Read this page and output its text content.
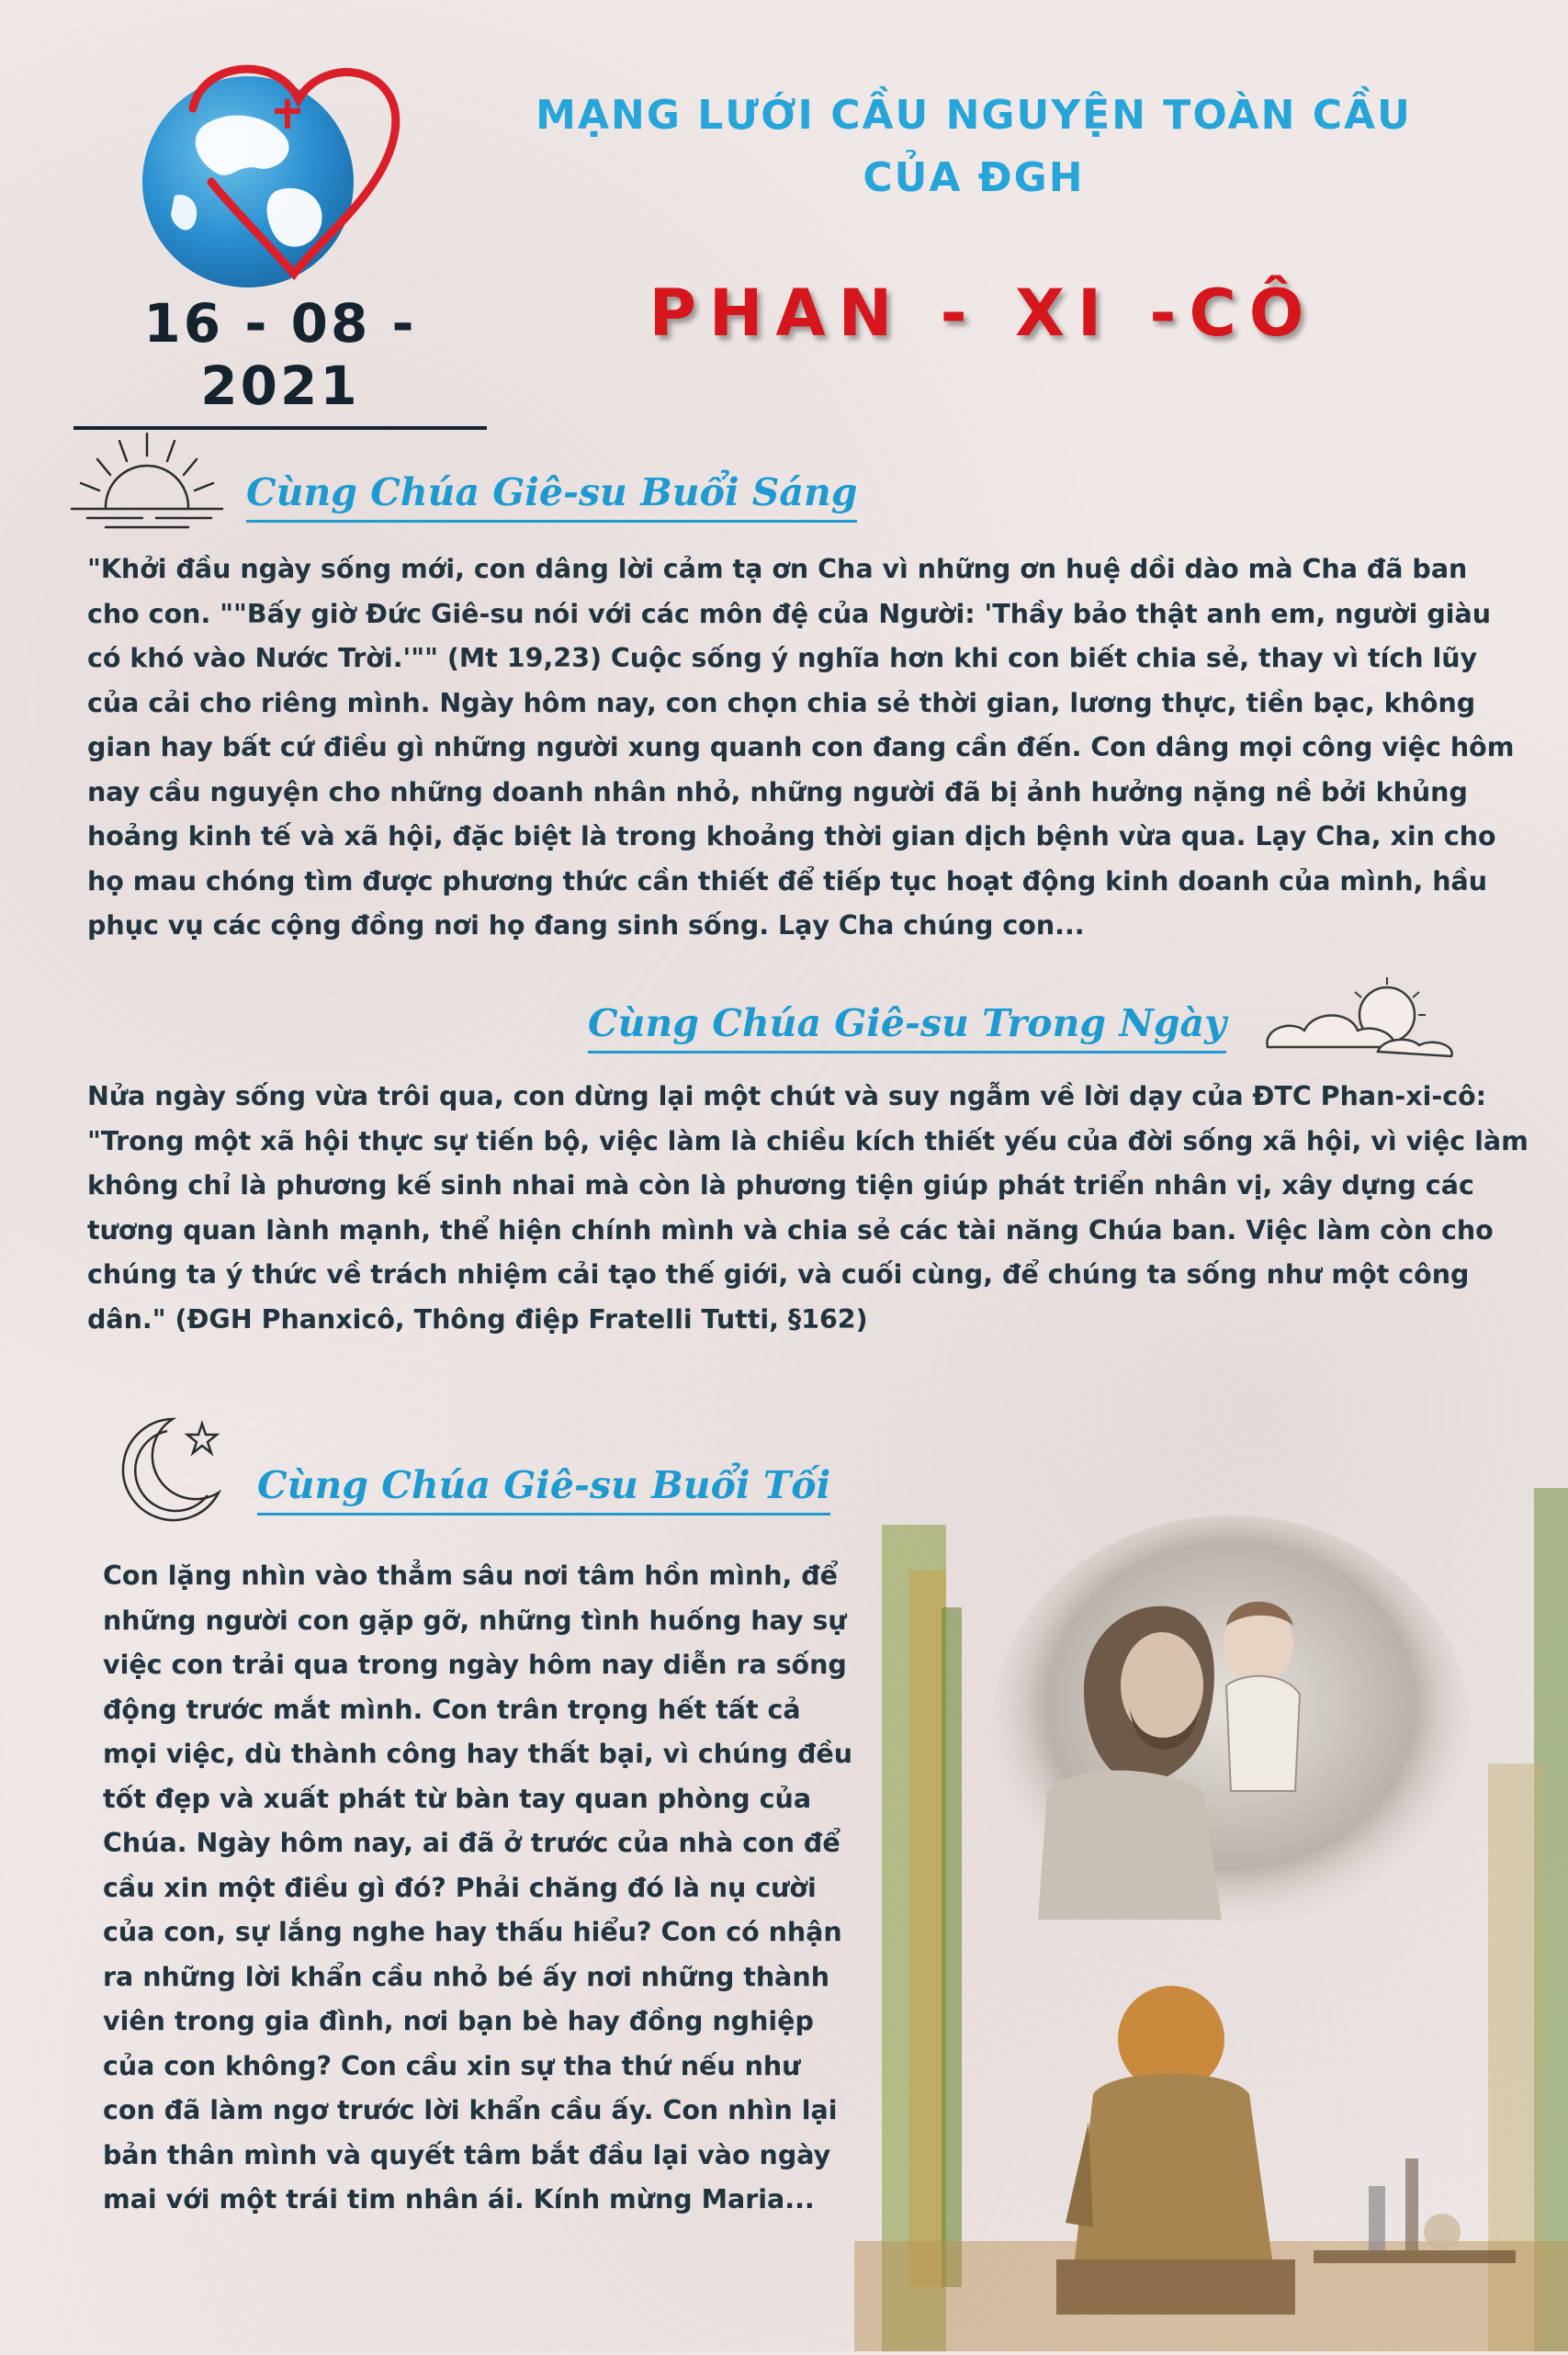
MẠNG LƯỚI CẦU NGUYỆN TOÀN CẦU
CỦA ĐGH
PHAN - XI -CÔ
16 - 08 - 2021
Cùng Chúa Giê-su Buổi Sáng
"Khởi đầu ngày sống mới, con dâng lời cảm tạ ơn Cha vì những ơn huệ dồi dào mà Cha đã ban cho con. ""Bấy giờ Đức Giê-su nói với các môn đệ của Người: 'Thầy bảo thật anh em, người giàu có khó vào Nước Trời.'"" (Mt 19,23) Cuộc sống ý nghĩa hơn khi con biết chia sẻ, thay vì tích lũy của cải cho riêng mình. Ngày hôm nay, con chọn chia sẻ thời gian, lương thực, tiền bạc, không gian hay bất cứ điều gì những người xung quanh con đang cần đến. Con dâng mọi công việc hôm nay cầu nguyện cho những doanh nhân nhỏ, những người đã bị ảnh hưởng nặng nề bởi khủng hoảng kinh tế và xã hội, đặc biệt là trong khoảng thời gian dịch bệnh vừa qua. Lạy Cha, xin cho họ mau chóng tìm được phương thức cần thiết để tiếp tục hoạt động kinh doanh của mình, hầu phục vụ các cộng đồng nơi họ đang sinh sống. Lạy Cha chúng con...
Cùng Chúa Giê-su Trong Ngày
Nửa ngày sống vừa trôi qua, con dừng lại một chút và suy ngẫm về lời dạy của ĐTC Phan-xi-cô: "Trong một xã hội thực sự tiến bộ, việc làm là chiều kích thiết yếu của đời sống xã hội, vì việc làm không chỉ là phương kế sinh nhai mà còn là phương tiện giúp phát triển nhân vị, xây dựng các tương quan lành mạnh, thể hiện chính mình và chia sẻ các tài năng Chúa ban. Việc làm còn cho chúng ta ý thức về trách nhiệm cải tạo thế giới, và cuối cùng, để chúng ta sống như một công dân." (ĐGH Phanxicô, Thông điệp Fratelli Tutti, §162)
Cùng Chúa Giê-su Buổi Tối
Con lặng nhìn vào thẳm sâu nơi tâm hồn mình, để những người con gặp gỡ, những tình huống hay sự việc con trải qua trong ngày hôm nay diễn ra sống động trước mắt mình. Con trân trọng hết tất cả mọi việc, dù thành công hay thất bại, vì chúng đều tốt đẹp và xuất phát từ bàn tay quan phòng của Chúa. Ngày hôm nay, ai đã ở trước của nhà con để cầu xin một điều gì đó? Phải chăng đó là nụ cười của con, sự lắng nghe hay thấu hiểu? Con có nhận ra những lời khẩn cầu nhỏ bé ấy nơi những thành viên trong gia đình, nơi bạn bè hay đồng nghiệp của con không? Con cầu xin sự tha thứ nếu như con đã làm ngơ trước lời khẩn cầu ấy. Con nhìn lại bản thân mình và quyết tâm bắt đầu lại vào ngày mai với một trái tim nhân ái. Kính mừng Maria...
